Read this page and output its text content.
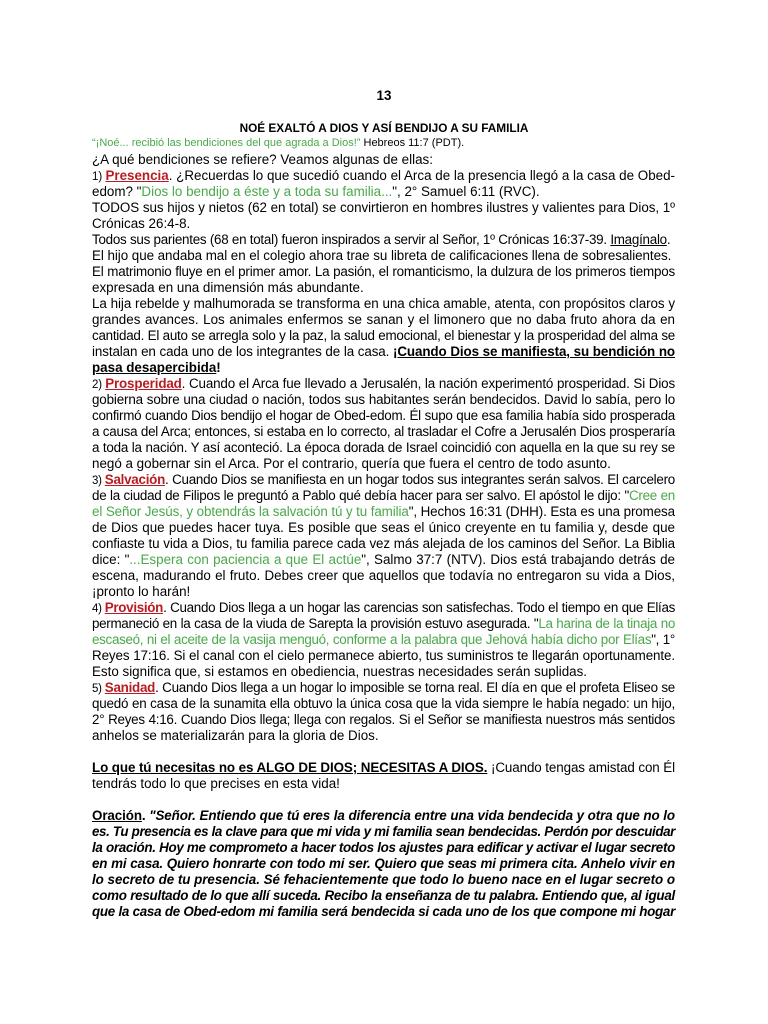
13
NOÉ EXALTÓ A DIOS Y ASÍ BENDIJO A SU FAMILIA
“¡Noé... recibió las bendiciones del que agrada a Dios!” Hebreos 11:7 (PDT).
¿A qué bendiciones se refiere? Veamos algunas de ellas:
1) Presencia. ¿Recuerdas lo que sucedió cuando el Arca de la presencia llegó a la casa de Obed-
edom? "Dios lo bendijo a éste y a toda su familia...", 2° Samuel 6:11 (RVC).
TODOS sus hijos y nietos (62 en total) se convirtieron en hombres ilustres y valientes para Dios, 1º
Crónicas 26:4-8.
Todos sus parientes (68 en total) fueron inspirados a servir al Señor, 1º Crónicas 16:37-39. Imagínalo.
El hijo que andaba mal en el colegio ahora trae su libreta de calificaciones llena de sobresalientes.
El matrimonio fluye en el primer amor. La pasión, el romanticismo, la dulzura de los primeros tiempos
expresada en una dimensión más abundante.
La hija rebelde y malhumorada se transforma en una chica amable, atenta, con propósitos claros y
grandes avances. Los animales enfermos se sanan y el limonero que no daba fruto ahora da en
cantidad. El auto se arregla solo y la paz, la salud emocional, el bienestar y la prosperidad del alma se
instalan en cada uno de los integrantes de la casa. ¡Cuando Dios se manifiesta, su bendición no
pasa desapercibida!
2) Prosperidad. Cuando el Arca fue llevado a Jerusalén, la nación experimentó prosperidad. Si Dios
gobierna sobre una ciudad o nación, todos sus habitantes serán bendecidos. David lo sabía, pero lo
confirmó cuando Dios bendijo el hogar de Obed-edom. Él supo que esa familia había sido prosperada
a causa del Arca; entonces, si estaba en lo correcto, al trasladar el Cofre a Jerusalén Dios prosperaría
a toda la nación. Y así aconteció. La época dorada de Israel coincidió con aquella en la que su rey se
negó a gobernar sin el Arca. Por el contrario, quería que fuera el centro de todo asunto.
3) Salvación. Cuando Dios se manifiesta en un hogar todos sus integrantes serán salvos. El carcelero
de la ciudad de Filipos le preguntó a Pablo qué debía hacer para ser salvo. El apóstol le dijo: "Cree en
el Señor Jesús, y obtendrás la salvación tú y tu familia", Hechos 16:31 (DHH). Esta es una promesa
de Dios que puedes hacer tuya. Es posible que seas el único creyente en tu familia y, desde que
confiaste tu vida a Dios, tu familia parece cada vez más alejada de los caminos del Señor. La Biblia
dice: "...Espera con paciencia a que El actúe", Salmo 37:7 (NTV). Dios está trabajando detrás de
escena, madurando el fruto. Debes creer que aquellos que todavía no entregaron su vida a Dios,
¡pronto lo harán!
4) Provisión. Cuando Dios llega a un hogar las carencias son satisfechas. Todo el tiempo en que Elías
permaneció en la casa de la viuda de Sarepta la provisión estuvo asegurada. "La harina de la tinaja no
escaseó, ni el aceite de la vasija menguó, conforme a la palabra que Jehová había dicho por Elías", 1°
Reyes 17:16. Si el canal con el cielo permanece abierto, tus suministros te llegarán oportunamente.
Esto significa que, si estamos en obediencia, nuestras necesidades serán suplidas.
5) Sanidad. Cuando Dios llega a un hogar lo imposible se torna real. El día en que el profeta Eliseo se
quedó en casa de la sunamita ella obtuvo la única cosa que la vida siempre le había negado: un hijo,
2° Reyes 4:16. Cuando Dios llega; llega con regalos. Si el Señor se manifiesta nuestros más sentidos
anhelos se materializarán para la gloria de Dios.
Lo que tú necesitas no es ALGO DE DIOS; NECESITAS A DIOS. ¡Cuando tengas amistad con Él
tendrás todo lo que precises en esta vida!
Oración. "Señor. Entiendo que tú eres la diferencia entre una vida bendecida y otra que no lo
es. Tu presencia es la clave para que mi vida y mi familia sean bendecidas. Perdón por descuidar
la oración. Hoy me comprometo a hacer todos los ajustes para edificar y activar el lugar secreto
en mi casa. Quiero honrarte con todo mi ser. Quiero que seas mi primera cita. Anhelo vivir en
lo secreto de tu presencia. Sé fehacientemente que todo lo bueno nace en el lugar secreto o
como resultado de lo que allí suceda. Recibo la enseñanza de tu palabra. Entiendo que, al igual
que la casa de Obed-edom mi familia será bendecida si cada uno de los que compone mi hogar
